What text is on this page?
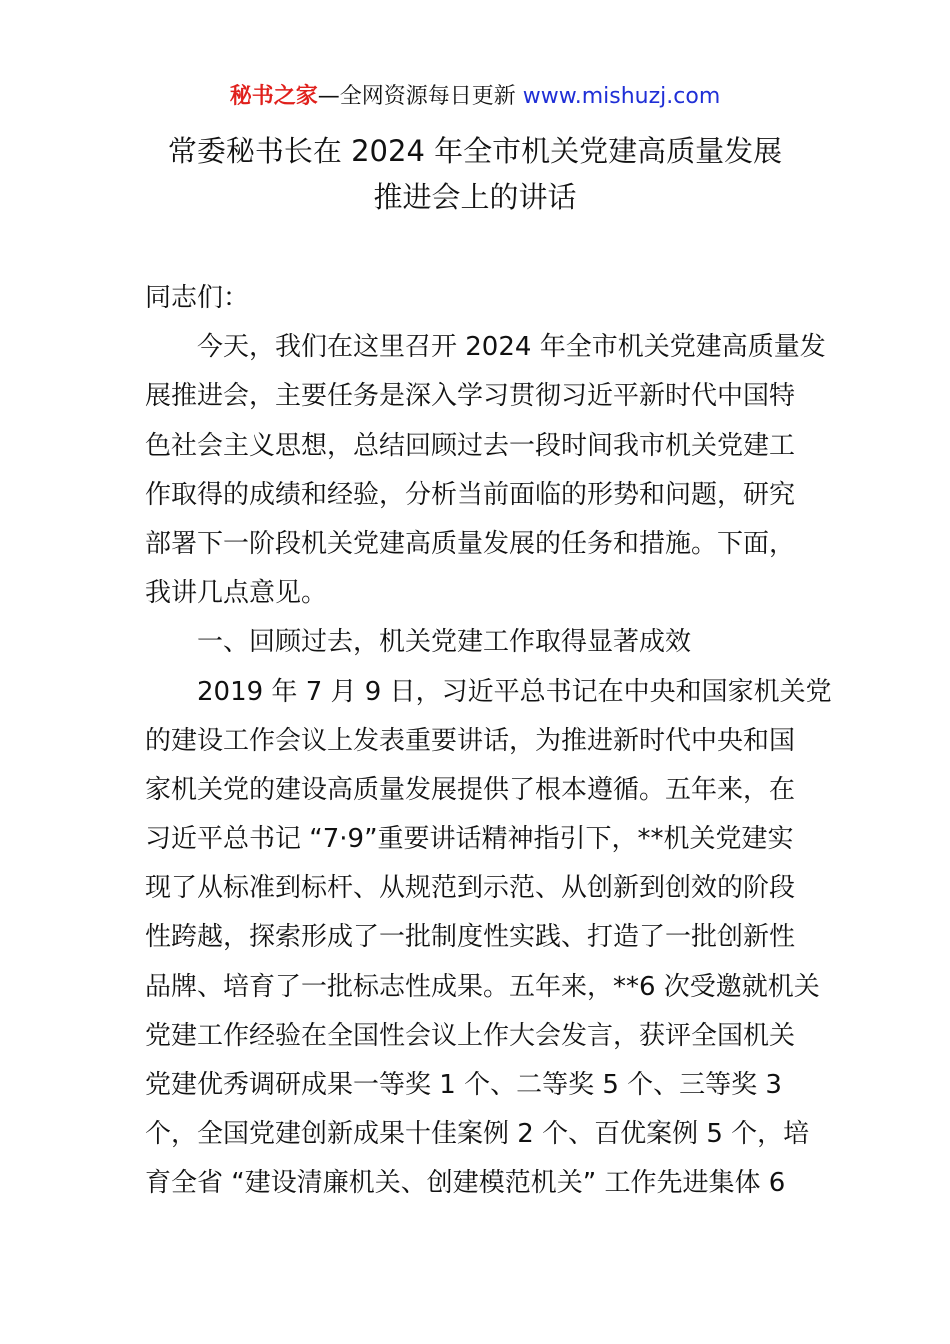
秘书之家—全网资源每日更新 www.mishuzj.com
常委秘书长在 2024 年全市机关党建高质量发展
推进会上的讲话
同志们：
今天，我们在这里召开 2024 年全市机关党建高质量发
展推进会，主要任务是深入学习贯彻习近平新时代中国特
色社会主义思想，总结回顾过去一段时间我市机关党建工
作取得的成绩和经验，分析当前面临的形势和问题，研究
部署下一阶段机关党建高质量发展的任务和措施。下面，
我讲几点意见。
一、回顾过去，机关党建工作取得显著成效
2019 年 7 月 9 日，习近平总书记在中央和国家机关党
的建设工作会议上发表重要讲话，为推进新时代中央和国
家机关党的建设高质量发展提供了根本遵循。五年来，在
习近平总书记 “7·9”重要讲话精神指引下，**机关党建实
现了从标准到标杆、从规范到示范、从创新到创效的阶段
性跨越，探索形成了一批制度性实践、打造了一批创新性
品牌、培育了一批标志性成果。五年来，**6 次受邀就机关
党建工作经验在全国性会议上作大会发言，获评全国机关
党建优秀调研成果一等奖 1 个、二等奖 5 个、三等奖 3
个，全国党建创新成果十佳案例 2 个、百优案例 5 个，培
育全省 “建设清廉机关、创建模范机关” 工作先进集体 6
